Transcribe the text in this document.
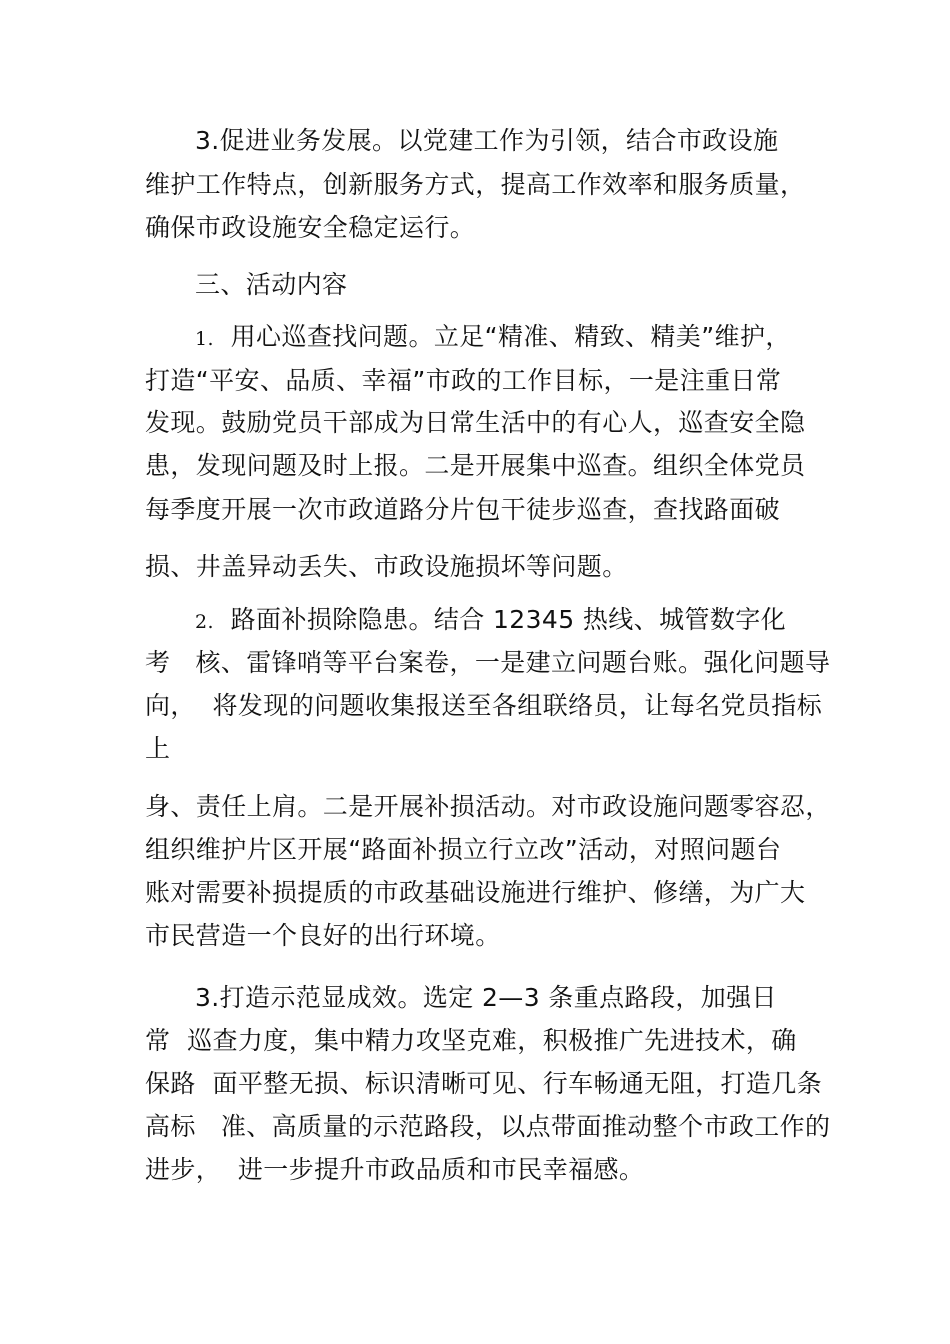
3.促进业务发展。以党建工作为引领，结合市政设施
维护工作特点，创新服务方式，提高工作效率和服务质量，
确保市政设施安全稳定运行。
三、活动内容
1. 用心巡查找问题。立足“精准、精致、精美”维护，
打造“平安、品质、幸福”市政的工作目标，一是注重日常
发现。鼓励党员干部成为日常生活中的有心人，巡查安全隐
患，发现问题及时上报。二是开展集中巡查。组织全体党员
每季度开展一次市政道路分片包干徒步巡查，查找路面破
损、井盖异动丢失、市政设施损坏等问题。
2. 路面补损除隐患。结合 12345 热线、城管数字化
考   核、雷锋哨等平台案卷，一是建立问题台账。强化问题导
向，  将发现的问题收集报送至各组联络员，让每名党员指标
上
身、责任上肩。二是开展补损活动。对市政设施问题零容忍，
组织维护片区开展“路面补损立行立改”活动，对照问题台
账对需要补损提质的市政基础设施进行维护、修缮，为广大
市民营造一个良好的出行环境。
3.打造示范显成效。选定 2—3 条重点路段，加强日
常  巡查力度，集中精力攻坚克难，积极推广先进技术，确
保路  面平整无损、标识清晰可见、行车畅通无阻，打造几条
高标   准、高质量的示范路段，以点带面推动整个市政工作的
进步，  进一步提升市政品质和市民幸福感。
